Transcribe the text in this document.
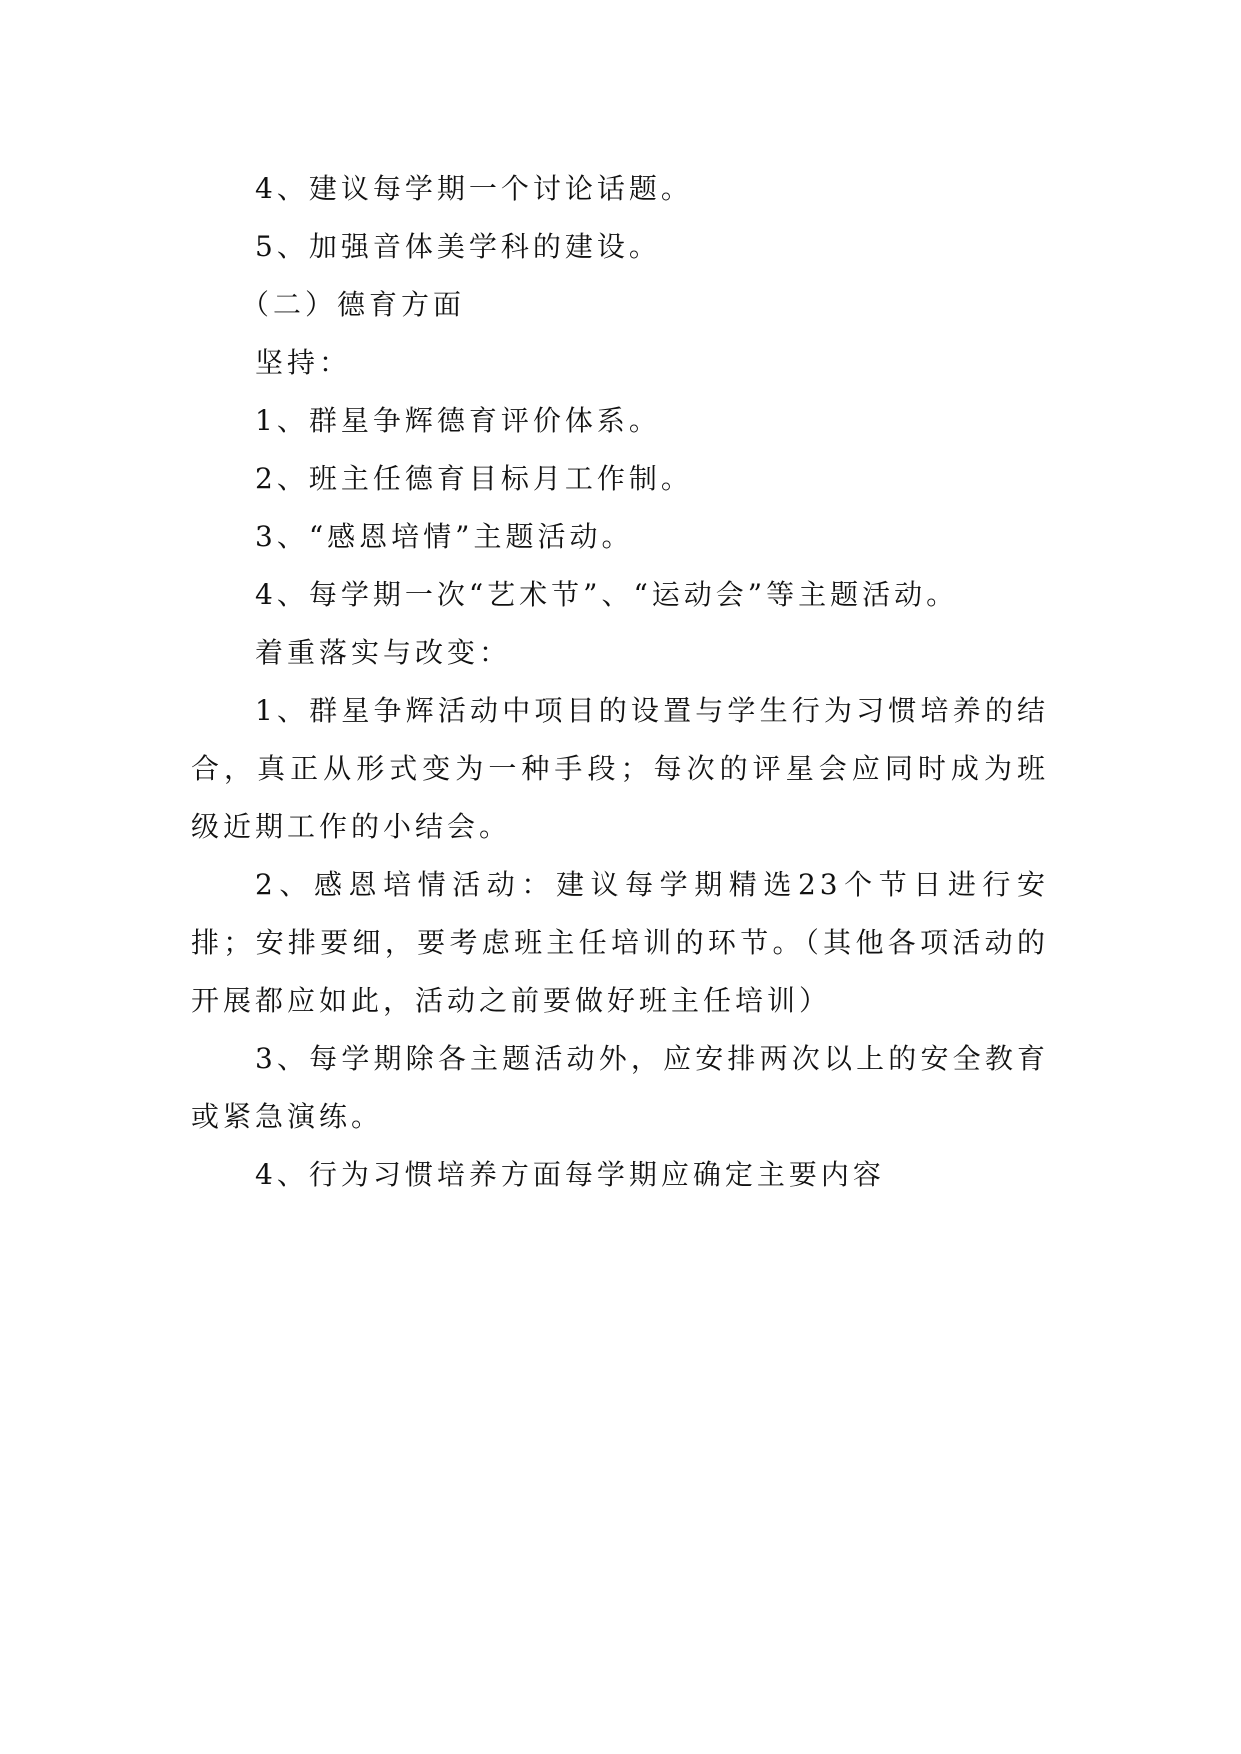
4、建议每学期一个讨论话题。

5、加强音体美学科的建设。

（二）德育方面

坚持：

1、群星争辉德育评价体系。

2、班主任德育目标月工作制。

3、“感恩培情”主题活动。

4、每学期一次“艺术节”、“运动会”等主题活动。

着重落实与改变：

1、群星争辉活动中项目的设置与学生行为习惯培养的结合，真正从形式变为一种手段；每次的评星会应同时成为班级近期工作的小结会。

2、感恩培情活动：建议每学期精选23个节日进行安排；安排要细，要考虑班主任培训的环节。（其他各项活动的开展都应如此，活动之前要做好班主任培训）

3、每学期除各主题活动外，应安排两次以上的安全教育或紧急演练。

4、行为习惯培养方面每学期应确定主要内容
